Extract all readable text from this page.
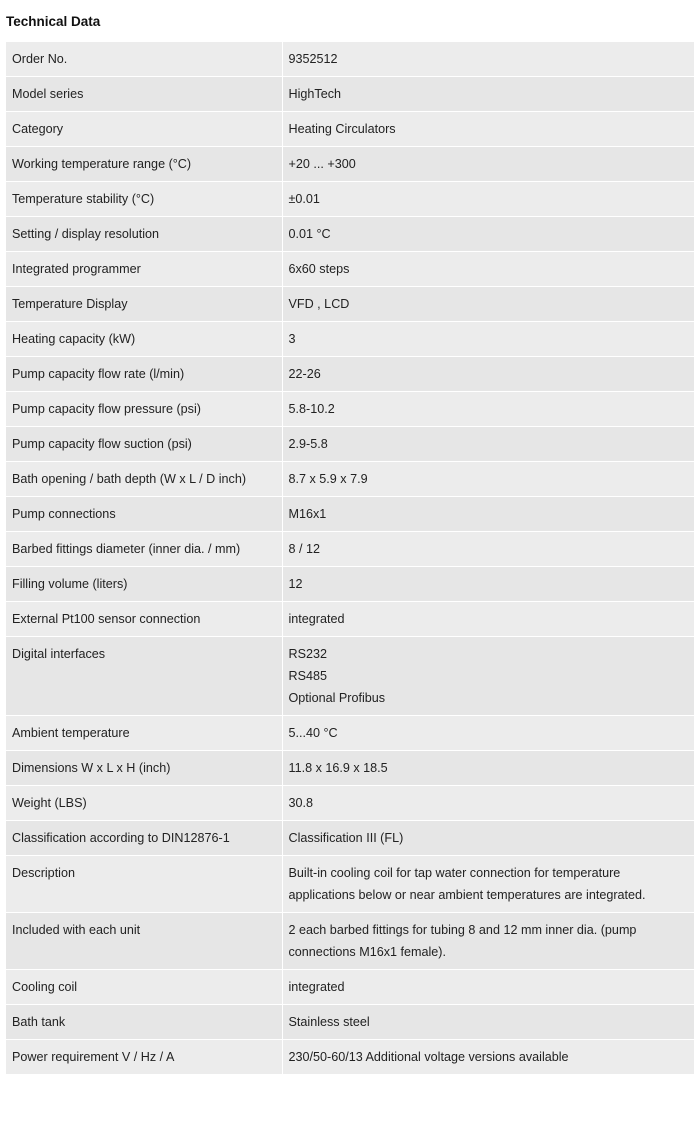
Technical Data
Order No.	9352512

Model series	HighTech

Category	Heating Circulators

Working temperature range (°C)	+20 ... +300

Temperature stability (°C)	±0.01

Setting / display resolution	0.01 °C

Integrated programmer	6x60 steps

Temperature Display	VFD , LCD

Heating capacity (kW)	3

Pump capacity flow rate (l/min)	22-26

Pump capacity flow pressure (psi)	5.8-10.2

Pump capacity flow suction (psi)	2.9-5.8

Bath opening / bath depth (W x L / D inch)	8.7 x 5.9 x 7.9

Pump connections	M16x1

Barbed fittings diameter (inner dia. / mm)	8 / 12

Filling volume (liters)	12

External Pt100 sensor connection	integrated

Digital interfaces	RS232
RS485
Optional Profibus

Ambient temperature	5...40 °C

Dimensions W x L x H (inch)	11.8 x 16.9 x 18.5

Weight (LBS)	30.8

Classification according to DIN12876-1	Classification III (FL)

Description	Built-in cooling coil for tap water connection for temperature applications below or near ambient temperatures are integrated.

Included with each unit	2 each barbed fittings for tubing 8 and 12 mm inner dia. (pump connections M16x1 female).

Cooling coil	integrated

Bath tank	Stainless steel

Power requirement V / Hz / A	230/50-60/13 Additional voltage versions available
